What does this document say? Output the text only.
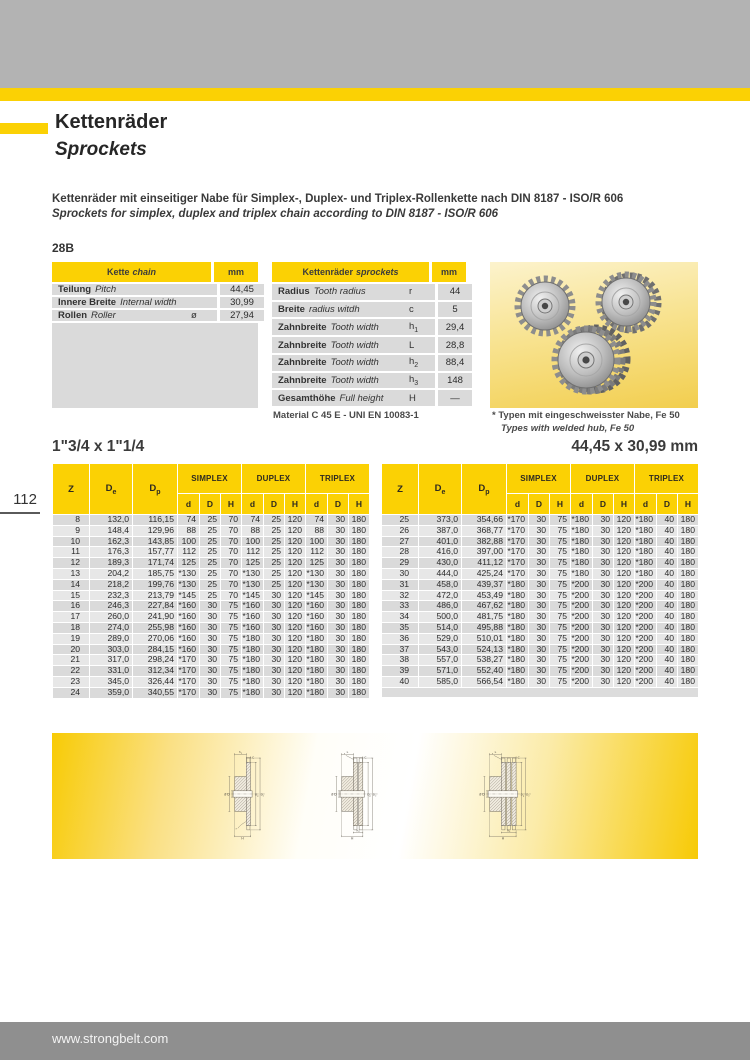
Kettenräder
Sprockets
Kettenräder mit einseitiger Nabe für Simplex-, Duplex- und Triplex-Rollenkette nach DIN 8187 - ISO/R 606
Sprockets for simplex, duplex and triplex chain according to DIN 8187 - ISO/R 606
28B
Kette chain	mm
Teilung Pitch	44,45
Innere Breite Internal width	30,99
Rollen Roller	ø	27,94
Kettenräder sprockets	mm
Radius Tooth radius	r	44
Breite radius witdh	c	5
Zahnbreite Tooth width	$h_1$	29,4
Zahnbreite Tooth width	L	28,8
Zahnbreite Tooth width	$h_2$	88,4
Zahnbreite Tooth width	$h_3$	148
Gesamthöhe Full height	H	—
Material C 45 E - UNI EN 10083-1	* Typen mit eingeschweisster Nabe, Fe 50
Types with welded hub, Fe 50
1"3/4 x 1"1/4	44,45 x 30,99 mm
Z	$D_e$	$D_p$	SIMPLEX			DUPLEX			TRIPLEX		
			d	D	H	d	D	H	d	D	H
8	132,0	116,15	74	25	70	74	25	120	74	30	180
9	148,4	129,96	88	25	70	88	25	120	88	30	180
10	162,3	143,85	100	25	70	100	25	120	100	30	180
11	176,3	157,77	112	25	70	112	25	120	112	30	180
12	189,3	171,74	125	25	70	125	25	120	125	30	180
13	204,2	185,75	*130	25	70	*130	25	120	*130	30	180
14	218,2	199,76	*130	25	70	*130	25	120	*130	30	180
15	232,3	213,79	*145	25	70	*145	30	120	*145	30	180
16	246,3	227,84	*160	30	75	*160	30	120	*160	30	180
17	260,0	241,90	*160	30	75	*160	30	120	*160	30	180
18	274,0	255,98	*160	30	75	*160	30	120	*160	30	180
19	289,0	270,06	*160	30	75	*180	30	120	*180	30	180
20	303,0	284,15	*160	30	75	*180	30	120	*180	30	180
21	317,0	298,24	*170	30	75	*180	30	120	*180	30	180
22	331,0	312,34	*170	30	75	*180	30	120	*180	30	180
23	345,0	326,44	*170	30	75	*180	30	120	*180	30	180
24	359,0	340,55	*170	30	75	*180	30	120	*180	30	180
Z	$D_e$	$D_p$	SIMPLEX			DUPLEX			TRIPLEX		
			d	D	H	d	D	H	d	D	H
25	373,0	354,66	*170	30	75	*180	30	120	*180	40	180
26	387,0	368,77	*170	30	75	*180	30	120	*180	40	180
27	401,0	382,88	*170	30	75	*180	30	120	*180	40	180
28	416,0	397,00	*170	30	75	*180	30	120	*180	40	180
29	430,0	411,12	*170	30	75	*180	30	120	*180	40	180
30	444,0	425,24	*170	30	75	*180	30	120	*180	40	180
31	458,0	439,37	*180	30	75	*200	30	120	*200	40	180
32	472,0	453,49	*180	30	75	*200	30	120	*200	40	180
33	486,0	467,62	*180	30	75	*200	30	120	*200	40	180
34	500,0	481,75	*180	30	75	*200	30	120	*200	40	180
35	514,0	495,88	*180	30	75	*200	30	120	*200	40	180
36	529,0	510,01	*180	30	75	*200	30	120	*200	40	180
37	543,0	524,13	*180	30	75	*200	30	120	*200	40	180
38	557,0	538,27	*180	30	75	*200	30	120	*200	40	180
39	571,0	552,40	*180	30	75	*200	30	120	*200	40	180
40	585,0	566,54	*180	30	75	*200	30	120	*200	40	180

d D	$D_p$ $D_e$
$h_1$
C
H
r
d D	$D_p$ $D_e$
L
C
$h_2$
H
r
d D	$D_p$ $D_e$
L
C
$h_3$
H
r
112
www.strongbelt.com
